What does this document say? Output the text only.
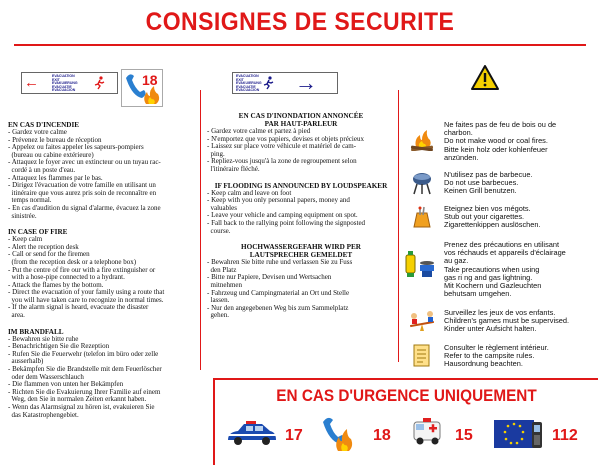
CONSIGNES DE SECURITE
←	EVACUATION
EXIT
EVAKUIERUNG
EVACUATIE
EVACUACION
18
EN CAS D'INCENDIE
- Gardez votre calme
- Prévenez le bureau de réception
- Appelez ou faites appeler les sapeurs-pompiers
(bureau ou cabine extérieure)
- Attaquez le foyer avec un extincteur ou un tuyau rac-
cordé à un poste d'eau.
- Attaquez les flammes par le bas.
- Dirigez l'évacuation de votre famille en utilisant un
itinéraire que vous aurez pris soin de reconnaître en
temps normal.
- En cas d'audition du signal d'alarme, évacuez la zone
sinistrée.
IN CASE OF FIRE
- Keep calm
- Alert the reception desk
- Call or send for the firemen
(from the reception desk or a telephone box)
- Put the centre of fire our with a fire extinguisher or
with a hose-pipe connected to a hydrant.
- Attack the flames by the bottom.
- Direct the evacuation of your family using a route that
you will have taken care to recognize in normal times.
- If the alarm signal is heard, evacuate the disaster
area.
IM BRANDFALL
- Bewahren sie bitte ruhe
- Benachrichtigen Sie die Rezeption
- Rufen Sie die Feuerwehr (telefon im büro oder zelle
ausserhalb)
- Bekämpfen Sie die Brandstelle mit dem Feuerlöscher
oder dem Wasserschlauch
- Die flammen von unten her Bekämpfen
- Richten Sie die Evakuierung Ihrer Familie auf einem
Weg, den Sie in normalen Zeiten erkannt haben.
- Wenn das Alarmsignal zu hören ist, evakuieren Sie
das Katastrophengebiet.
EVACUATION
EXIT
EVAKUIERUNG
EVACUATIE
EVACUACION →
EN CAS D'INONDATION ANNONCÉE PAR HAUT-PARLEUR
- Gardez votre calme et partez à pied
- N'emportez que vos papiers, devises et objets précieux
- Laissez sur place votre véhicule et matériel de cam-
ping.
- Repliez-vous jusqu'à la zone de regroupement selon
l'itinéraire fléché.
IF FLOODING IS ANNOUNCED BY LOUDSPEAKER
- Keep calm and leave on foot
- Keep with you only personnal papers, money and
valuables
- Leave your vehicle and camping equipment on spot.
- Fall back to the rallying point following the signposted
course.
HOCHWASSERGEFAHR WIRD PER LAUTSPRECHER GEMELDET
- Bewahren Sie bitte ruhe und verlassen Sie zu Fuss
den Platz
- Bitte nur Papiere, Devisen und Wertsachen
mitnehmen
- Fahrzeug und Campingmaterial an Ort und Stelle
lassen.
- Nur den angegebenen Weg bis zum Sammelplatz
gehen.
Ne faites pas de feu de bois ou de
charbon.
Do not make wood or coal fires.
Bitte kein holz oder kohlenfeuer
anzünden.
N'utilisez pas de barbecue.
Do not use barbecues.
Keinen Grill benutzen.
Eteignez bien vos mégots.
Stub out your cigarettes.
Zigarettenkippen auslöschen.
Prenez des précautions en utilisant
vos réchauds et appareils d'éclairage
au gaz.
Take precautions when using
gas ri ng and gas lightning.
Mit Kochern und Gazleuchten
behutsam umgehen.
Surveillez les jeux de vos enfants.
Children's games must be supervised.
Kinder unter Aufsicht halten.
Consulter le règlement intérieur.
Refer to the campsite rules.
Hausordnung beachten.
EN CAS D'URGENCE UNIQUEMENT
17	18	15	112
